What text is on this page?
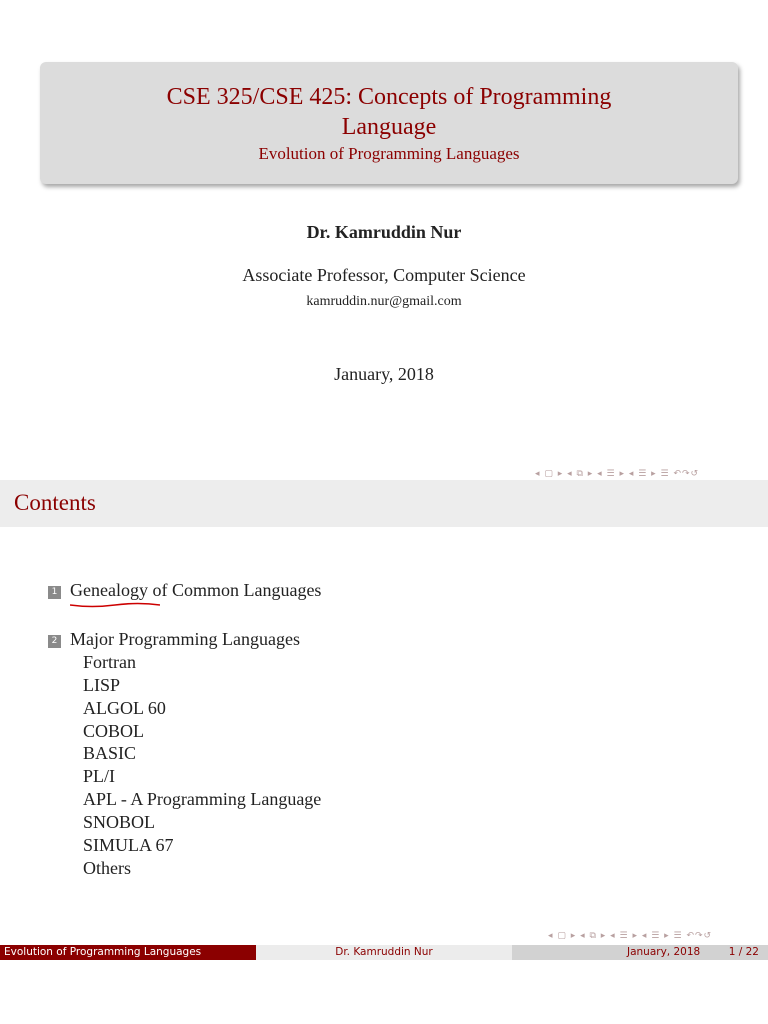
CSE 325/CSE 425: Concepts of Programming
Language
Evolution of Programming Languages
Dr. Kamruddin Nur
Associate Professor, Computer Science
kamruddin.nur@gmail.com
January, 2018
◂ ▢ ▸ ◂ ⧉ ▸ ◂ ☰ ▸ ◂ ☰ ▸ ☰ ↶↷↺
Contents
1 Genealogy of Common Languages
2 Major Programming Languages
Fortran
LISP
ALGOL 60
COBOL
BASIC
PL/I
APL - A Programming Language
SNOBOL
SIMULA 67
Others
◂ ▢ ▸ ◂ ⧉ ▸ ◂ ☰ ▸ ◂ ☰ ▸ ☰ ↶↷↺
Evolution of Programming Languages	Dr. Kamruddin Nur	January, 2018	1 / 22
